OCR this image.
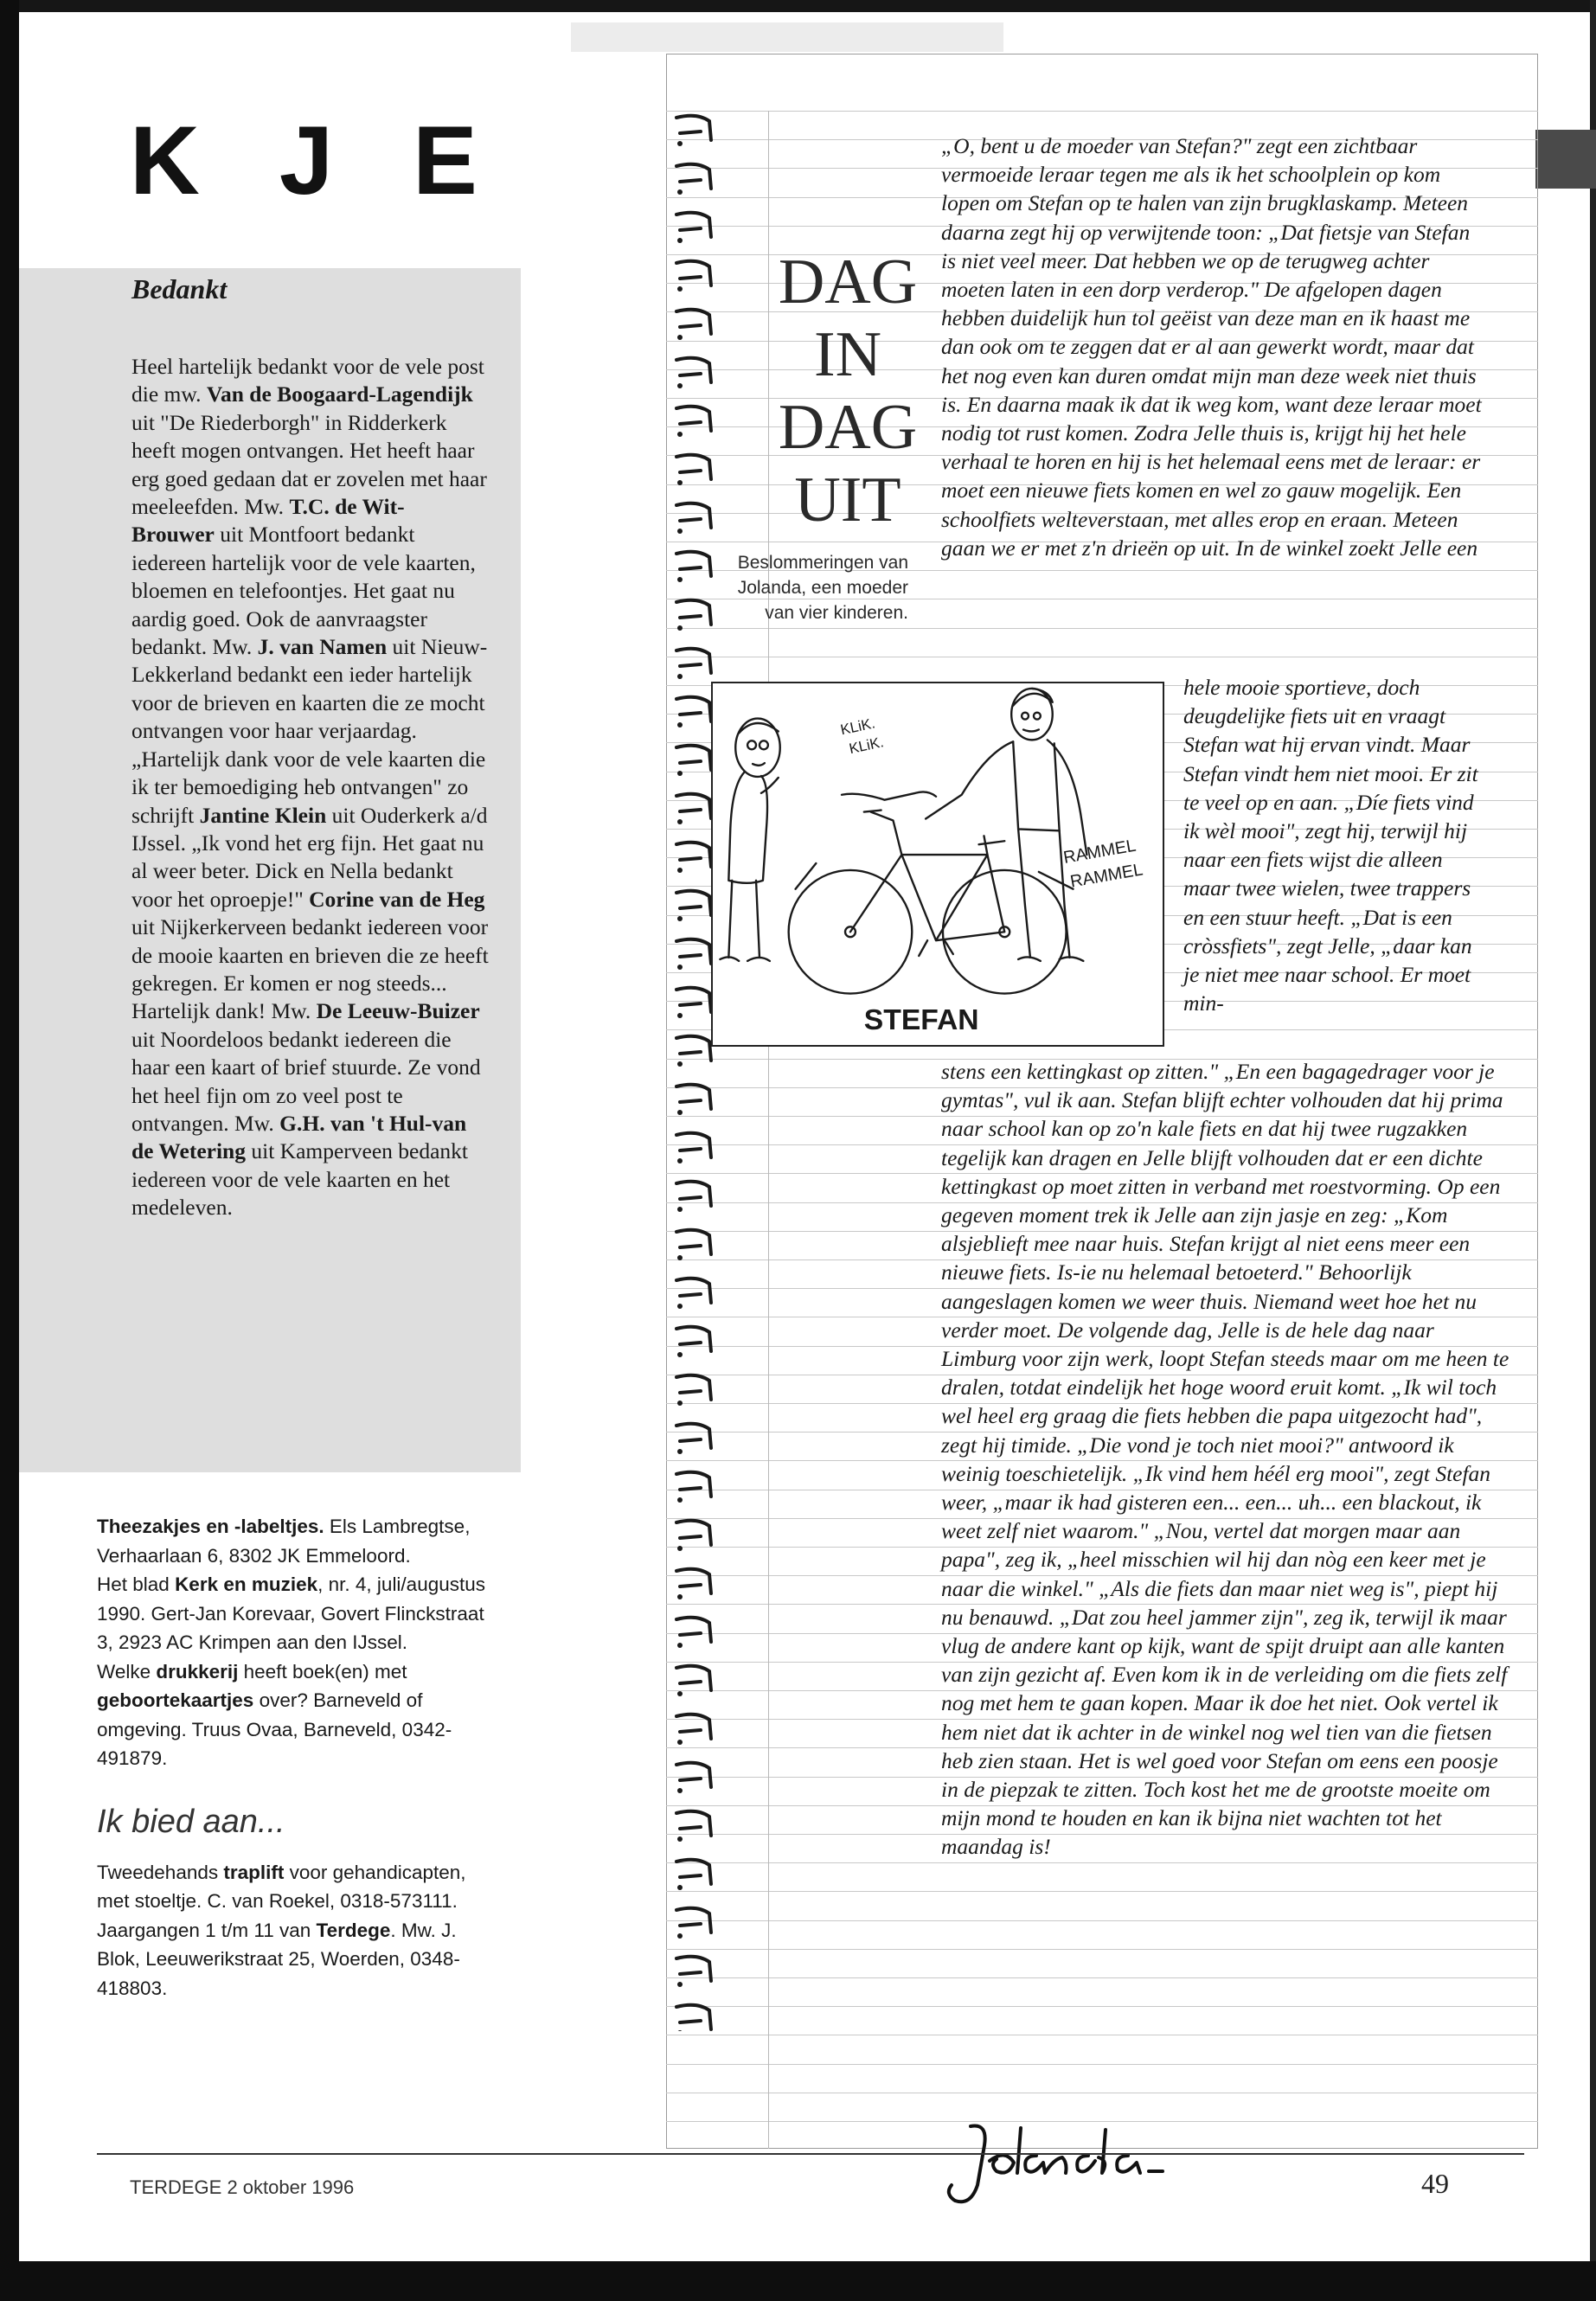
KJE
Bedankt

Heel hartelijk bedankt voor de vele post die mw. Van de Boogaard-Lagendijk uit "De Riederborgh" in Ridderkerk heeft mogen ontvangen. Het heeft haar erg goed gedaan dat er zovelen met haar meeleefden. Mw. T.C. de Wit- Brouwer uit Montfoort bedankt iedereen hartelijk voor de vele kaarten, bloemen en telefoontjes. Het gaat nu aardig goed. Ook de aanvraagster bedankt. Mw. J. van Namen uit Nieuw-Lekkerland bedankt een ieder hartelijk voor de brieven en kaarten die ze mocht ontvangen voor haar verjaardag. „Hartelijk dank voor de vele kaarten die ik ter bemoediging heb ontvangen" zo schrijft Jantine Klein uit Ouderkerk a/d IJssel. „Ik vond het erg fijn. Het gaat nu al weer beter. Dick en Nella bedankt voor het oproepje!" Corine van de Heg uit Nijkerkerveen bedankt iedereen voor de mooie kaarten en brieven die ze heeft gekregen. Er komen er nog steeds... Hartelijk dank! Mw. De Leeuw-Buizer uit Noordeloos bedankt iedereen die haar een kaart of brief stuurde. Ze vond het heel fijn om zo veel post te ontvangen. Mw. G.H. van 't Hul-van de Wetering uit Kamperveen bedankt iedereen voor de vele kaarten en het medeleven.

Theezakjes en -labeltjes. Els Lambregtse, Verhaarlaan 6, 8302 JK Emmeloord.

Het blad Kerk en muziek, nr. 4, juli/augustus 1990. Gert-Jan Korevaar, Govert Flinckstraat 3, 2923 AC Krimpen aan den IJssel.

Welke drukkerij heeft boek(en) met geboortekaartjes over? Barneveld of omgeving. Truus Ovaa, Barneveld, 0342-491879.

Ik bied aan...

Tweedehands traplift voor gehandicapten, met stoeltje. C. van Roekel, 0318-573111.

Jaargangen 1 t/m 11 van Terdege. Mw. J. Blok, Leeuwerikstraat 25, Woerden, 0348-418803.

DAG

IN

DAG

UIT

Beslommeringen van Jolanda, een moeder van vier kinderen.

KLiK.
KLiK.
RAMMEL
RAMMEL
STEFAN

„O, bent u de moeder van Stefan?" zegt een zichtbaar vermoeide leraar tegen me als ik het schoolplein op kom lopen om Stefan op te halen van zijn brugklaskamp. Meteen daarna zegt hij op verwijtende toon: „Dat fietsje van Stefan is niet veel meer. Dat hebben we op de terugweg achter moeten laten in een dorp verderop." De afgelopen dagen hebben duidelijk hun tol geëist van deze man en ik haast me dan ook om te zeggen dat er al aan gewerkt wordt, maar dat het nog even kan duren omdat mijn man deze week niet thuis is. En daarna maak ik dat ik weg kom, want deze leraar moet nodig tot rust komen. Zodra Jelle thuis is, krijgt hij het hele verhaal te horen en hij is het helemaal eens met de leraar: er moet een nieuwe fiets komen en wel zo gauw mogelijk. Een schoolfiets welteverstaan, met alles erop en eraan. Meteen gaan we er met z'n drieën op uit. In de winkel zoekt Jelle een

hele mooie sportieve, doch deugdelijke fiets uit en vraagt Stefan wat hij ervan vindt. Maar Stefan vindt hem niet mooi. Er zit te veel op en aan. „Díe fiets vind ik wèl mooi", zegt hij, terwijl hij naar een fiets wijst die alleen maar twee wielen, twee trappers en een stuur heeft. „Dat is een cròssfiets", zegt Jelle, „daar kan je niet mee naar school. Er moet min-

stens een kettingkast op zitten." „En een bagagedrager voor je gymtas", vul ik aan. Stefan blijft echter volhouden dat hij prima naar school kan op zo'n kale fiets en dat hij twee rugzakken tegelijk kan dragen en Jelle blijft volhouden dat er een dichte kettingkast op moet zitten in verband met roestvorming. Op een gegeven moment trek ik Jelle aan zijn jasje en zeg: „Kom alsjeblieft mee naar huis. Stefan krijgt al niet eens meer een nieuwe fiets. Is-ie nu helemaal betoeterd." Behoorlijk aangeslagen komen we weer thuis. Niemand weet hoe het nu verder moet. De volgende dag, Jelle is de hele dag naar Limburg voor zijn werk, loopt Stefan steeds maar om me heen te dralen, totdat eindelijk het hoge woord eruit komt. „Ik wil toch wel heel erg graag die fiets hebben die papa uitgezocht had", zegt hij timide. „Die vond je toch niet mooi?" antwoord ik weinig toeschietelijk. „Ik vind hem héél erg mooi", zegt Stefan weer, „maar ik had gisteren een... een... uh... een blackout, ik weet zelf niet waarom." „Nou, vertel dat morgen maar aan papa", zeg ik, „heel misschien wil hij dan nòg een keer met je naar die winkel." „Als die fiets dan maar niet weg is", piept hij nu benauwd. „Dat zou heel jammer zijn", zeg ik, terwijl ik maar vlug de andere kant op kijk, want de spijt druipt aan alle kanten van zijn gezicht af. Even kom ik in de verleiding om die fiets zelf nog met hem te gaan kopen. Maar ik doe het niet. Ook vertel ik hem niet dat ik achter in de winkel nog wel tien van die fietsen heb zien staan. Het is wel goed voor Stefan om eens een poosje in de piepzak te zitten. Toch kost het me de grootste moeite om mijn mond te houden en kan ik bijna niet wachten tot het maandag is!

Jolanda.

TERDEGE 2 oktober 1996	49
